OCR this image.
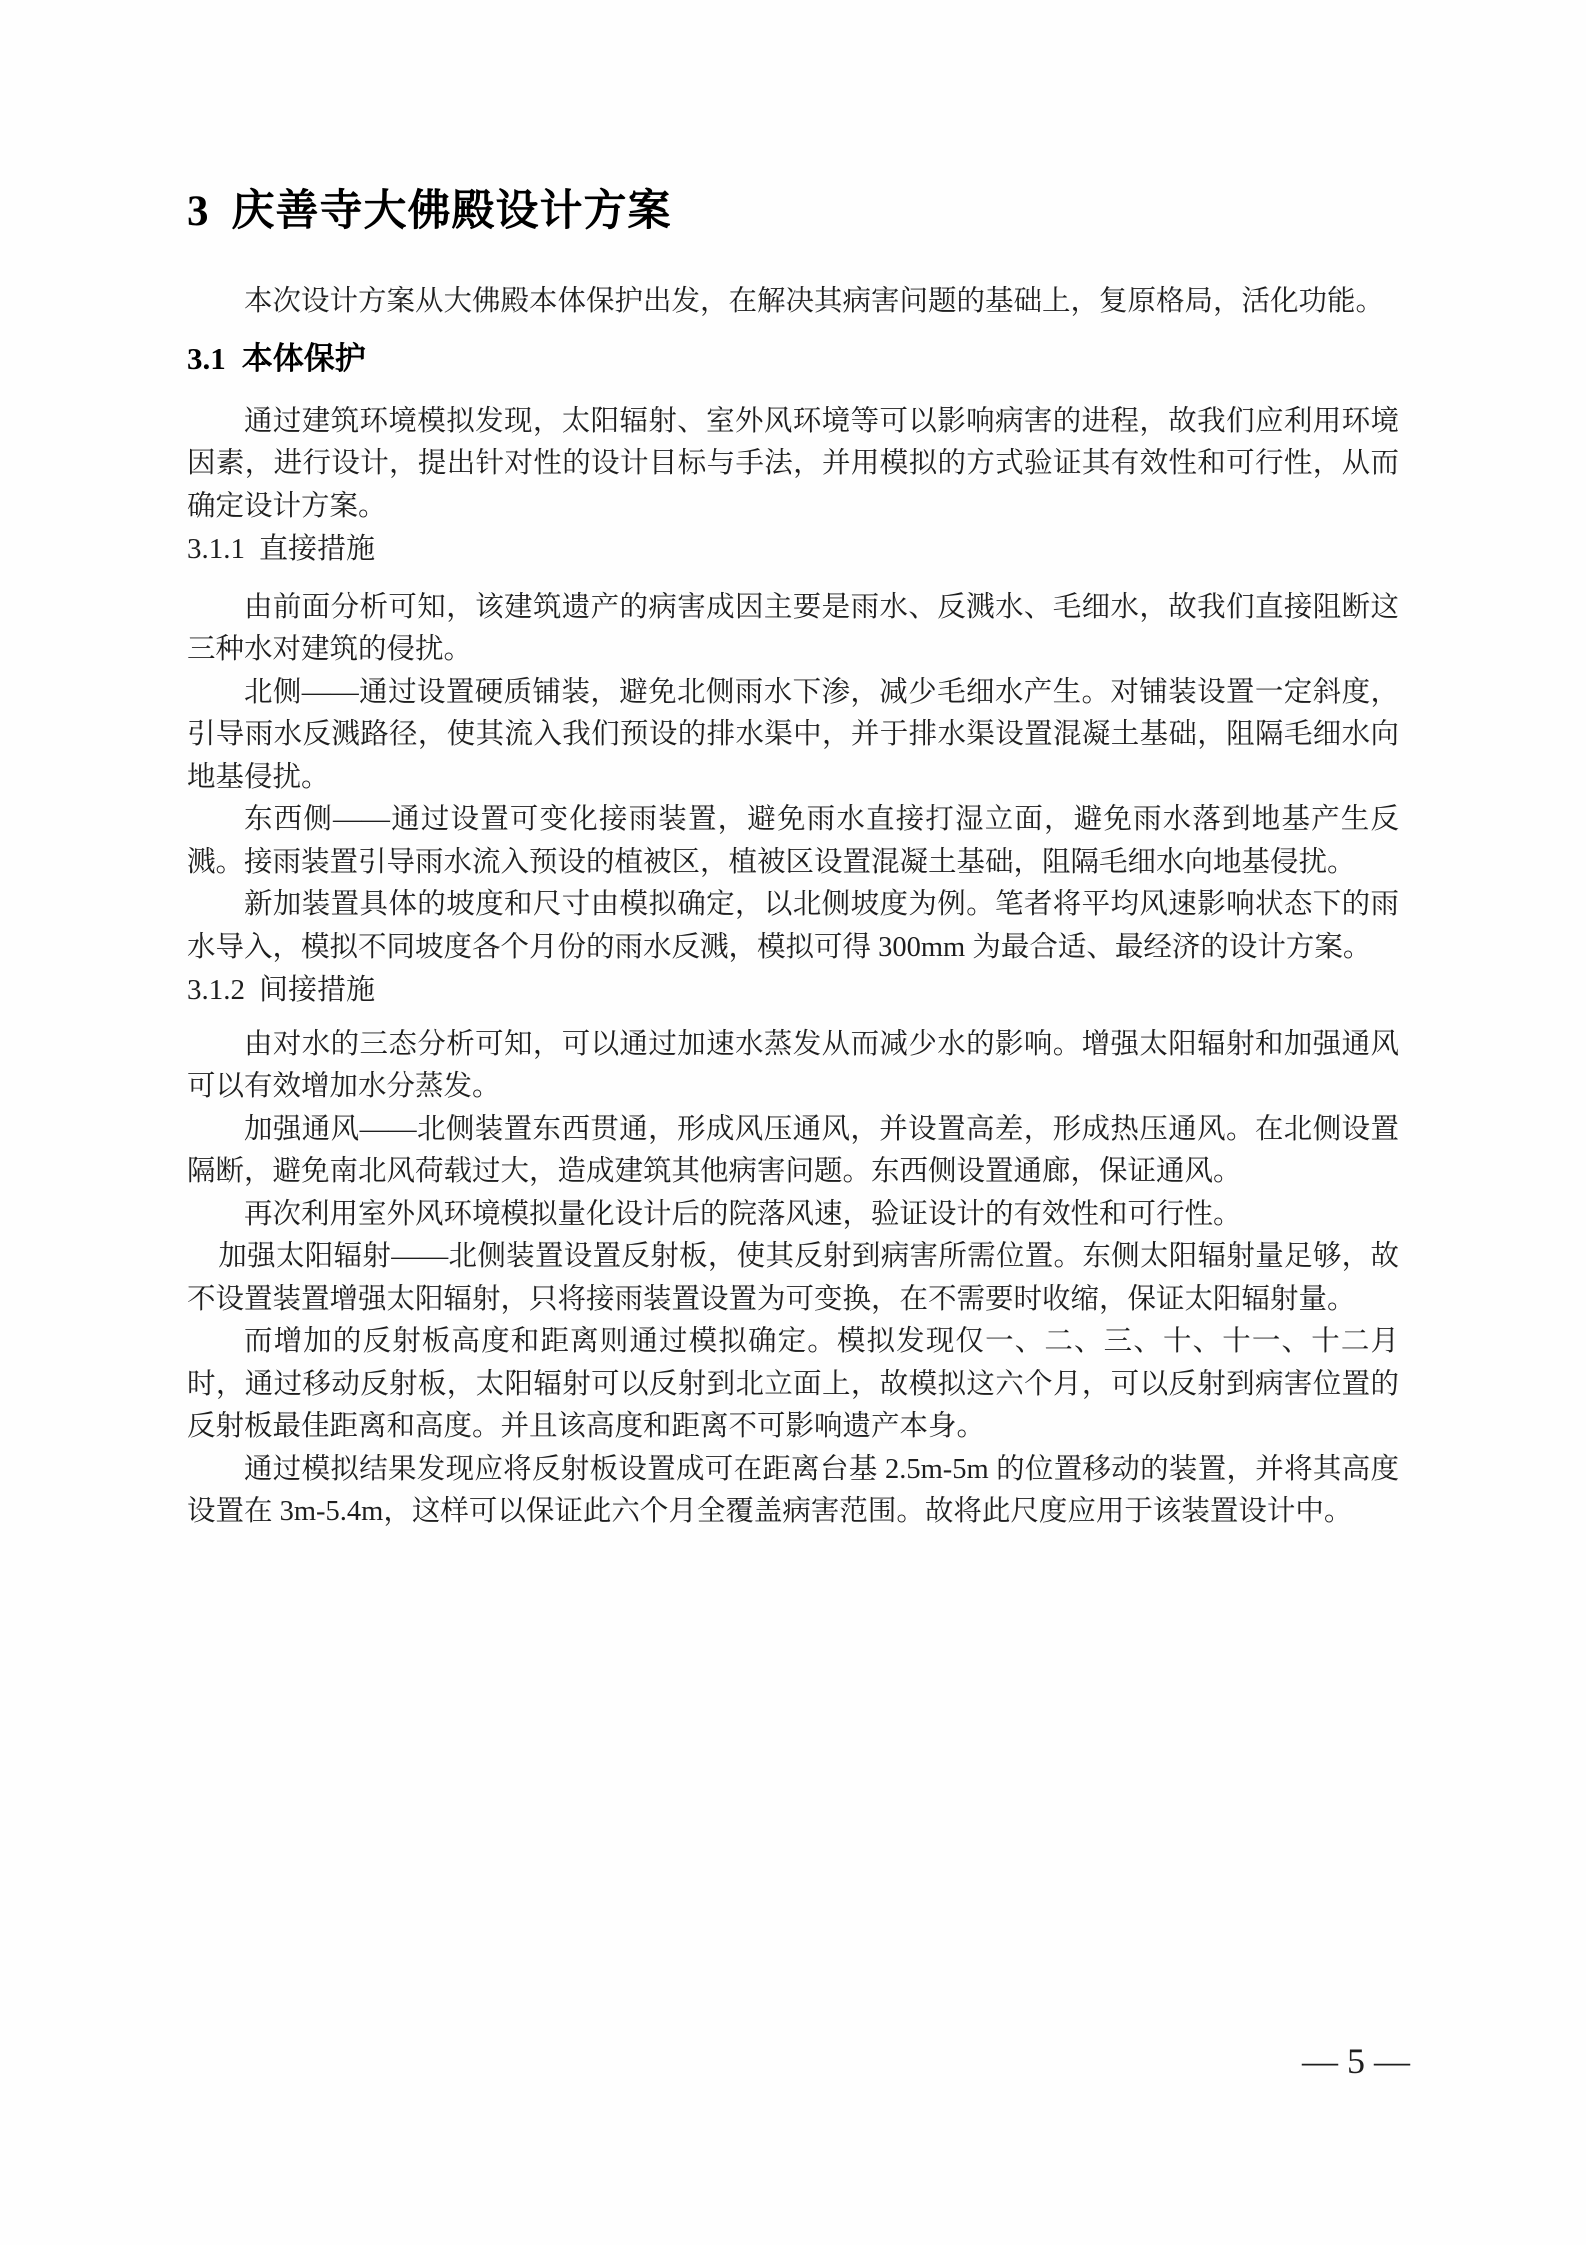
3 庆善寺大佛殿设计方案

本次设计方案从大佛殿本体保护出发，在解决其病害问题的基础上，复原格局，活化功能。

3.1 本体保护

通过建筑环境模拟发现，太阳辐射、室外风环境等可以影响病害的进程，故我们应利用环境因素，进行设计，提出针对性的设计目标与手法，并用模拟的方式验证其有效性和可行性，从而确定设计方案。

3.1.1 直接措施

由前面分析可知，该建筑遗产的病害成因主要是雨水、反溅水、毛细水，故我们直接阻断这三种水对建筑的侵扰。

北侧——通过设置硬质铺装，避免北侧雨水下渗，减少毛细水产生。对铺装设置一定斜度，引导雨水反溅路径，使其流入我们预设的排水渠中，并于排水渠设置混凝土基础，阻隔毛细水向地基侵扰。

东西侧——通过设置可变化接雨装置，避免雨水直接打湿立面，避免雨水落到地基产生反溅。接雨装置引导雨水流入预设的植被区，植被区设置混凝土基础，阻隔毛细水向地基侵扰。

新加装置具体的坡度和尺寸由模拟确定，以北侧坡度为例。笔者将平均风速影响状态下的雨水导入，模拟不同坡度各个月份的雨水反溅，模拟可得 300mm 为最合适、最经济的设计方案。

3.1.2 间接措施

由对水的三态分析可知，可以通过加速水蒸发从而减少水的影响。增强太阳辐射和加强通风可以有效增加水分蒸发。

加强通风——北侧装置东西贯通，形成风压通风，并设置高差，形成热压通风。在北侧设置隔断，避免南北风荷载过大，造成建筑其他病害问题。东西侧设置通廊，保证通风。

再次利用室外风环境模拟量化设计后的院落风速，验证设计的有效性和可行性。

加强太阳辐射——北侧装置设置反射板，使其反射到病害所需位置。东侧太阳辐射量足够，故不设置装置增强太阳辐射，只将接雨装置设置为可变换，在不需要时收缩，保证太阳辐射量。

而增加的反射板高度和距离则通过模拟确定。模拟发现仅一、二、三、十、十一、十二月时，通过移动反射板，太阳辐射可以反射到北立面上，故模拟这六个月，可以反射到病害位置的反射板最佳距离和高度。并且该高度和距离不可影响遗产本身。

通过模拟结果发现应将反射板设置成可在距离台基 2.5m-5m 的位置移动的装置，并将其高度设置在 3m-5.4m，这样可以保证此六个月全覆盖病害范围。故将此尺度应用于该装置设计中。

— 5 —
